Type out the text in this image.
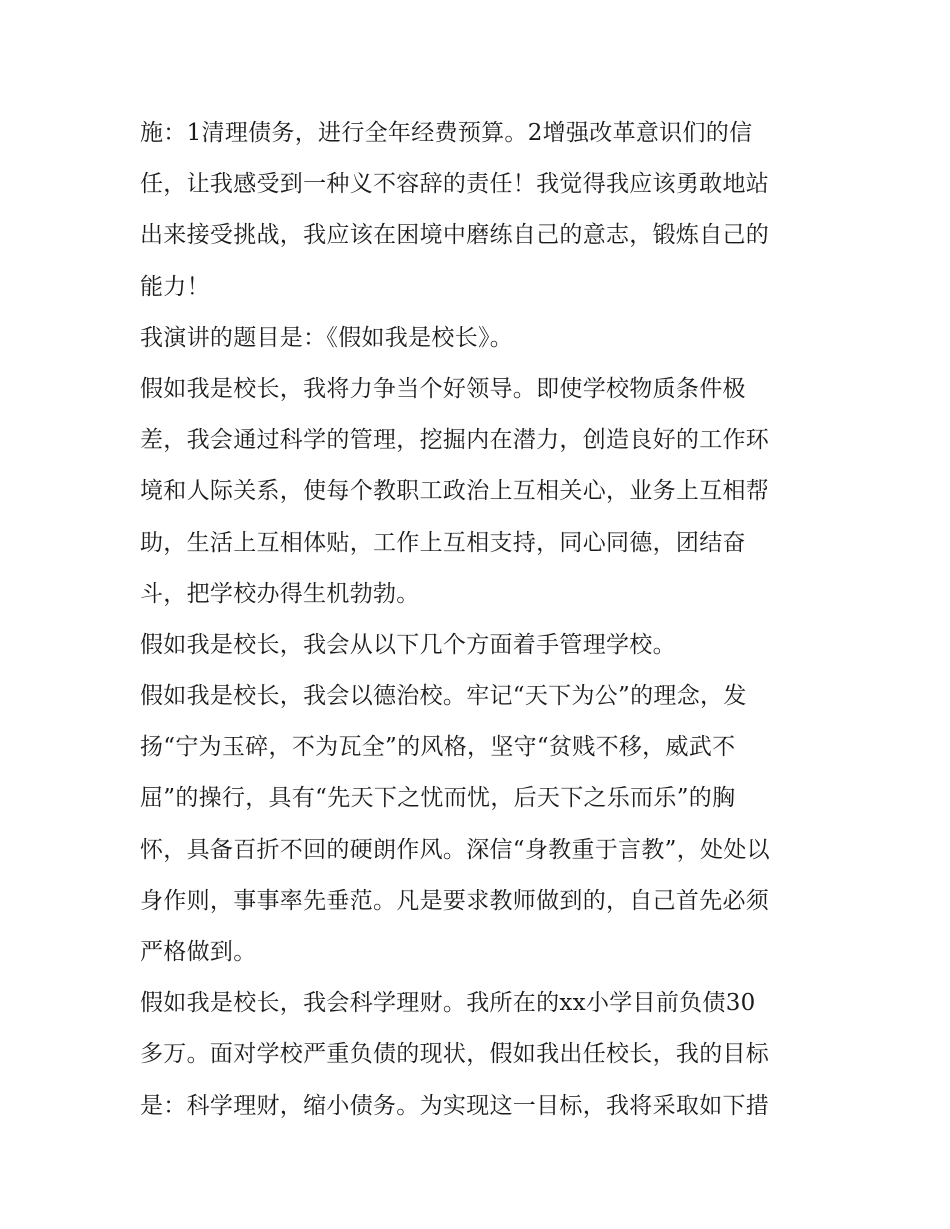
施：1清理债务，进行全年经费预算。2增强改革意识们的信
任，让我感受到一种义不容辞的责任！我觉得我应该勇敢地站
出来接受挑战，我应该在困境中磨练自己的意志，锻炼自己的
能力！
我演讲的题目是：《假如我是校长》。
假如我是校长，我将力争当个好领导。即使学校物质条件极
差，我会通过科学的管理，挖掘内在潜力，创造良好的工作环
境和人际关系，使每个教职工政治上互相关心，业务上互相帮
助，生活上互相体贴，工作上互相支持，同心同德，团结奋
斗，把学校办得生机勃勃。
假如我是校长，我会从以下几个方面着手管理学校。
假如我是校长，我会以德治校。牢记“天下为公”的理念，发
扬“宁为玉碎，不为瓦全”的风格，坚守“贫贱不移，威武不
屈”的操行，具有“先天下之忧而忧，后天下之乐而乐”的胸
怀，具备百折不回的硬朗作风。深信“身教重于言教”，处处以
身作则，事事率先垂范。凡是要求教师做到的，自己首先必须
严格做到。
假如我是校长，我会科学理财。我所在的xx小学目前负债30
多万。面对学校严重负债的现状，假如我出任校长，我的目标
是：科学理财，缩小债务。为实现这一目标，我将采取如下措
